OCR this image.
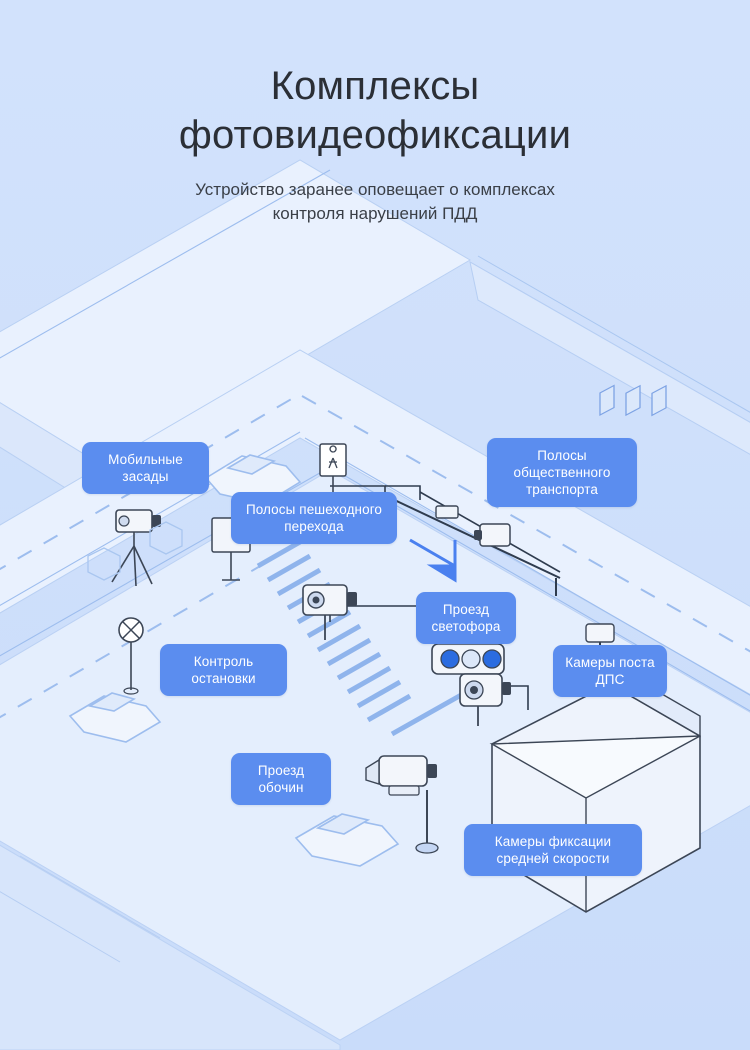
Комплексы
фотовидеофиксации
Устройство заранее оповещает о комплексах
контроля нарушений ПДД
Мобильные засады
Полосы пешеходного перехода
Полосы общественного транспорта
Проезд светофора
Контроль остановки
Камеры поста ДПС
Проезд обочин
Камеры фиксации средней скорости
